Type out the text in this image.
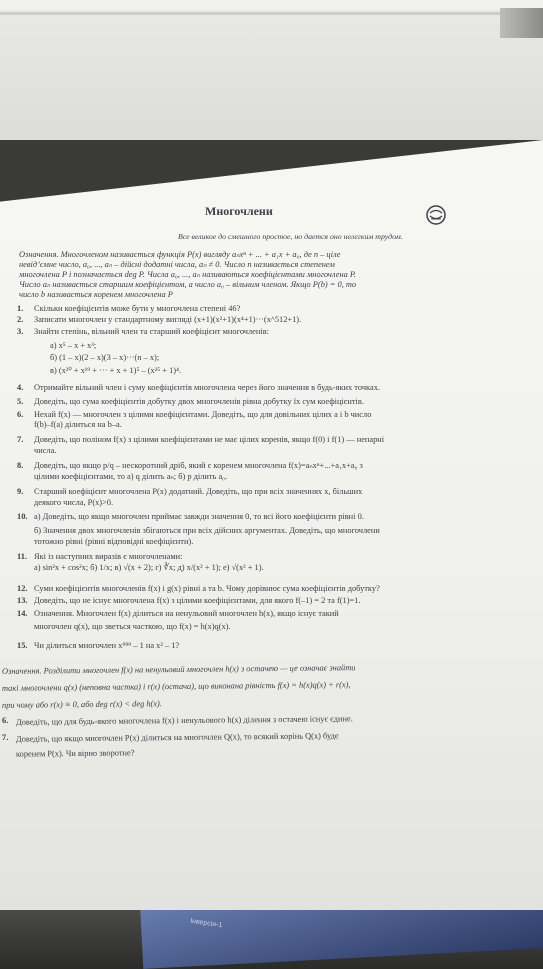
Інверсія-1
Многочлени
Все великое до смешного простое, но дается оно нелегким трудом.
Означення. Многочленом називається функція P(x) вигляду aₙxⁿ + ... + a₁x + a₀, де n – ціле
невід’ємне число, a₀, ..., aₙ – дійсні додатні числа, aₙ ≠ 0. Число n називається степенем
многочлена P і позначається deg P. Числа a₀, ..., aₙ називаються коефіцієнтами многочлена P.
Число aₙ називається старшим коефіцієнтом, а число a₀ – вільним членом. Якщо P(b) = 0, то
число b називається коренем многочлена P
1. Скільки коефіцієнтів може бути у многочлена степені 46?
2. Записати многочлен у стандартному вигляді (x+1)(x²+1)(x⁴+1)···(x^512+1).
3. Знайти степінь, вільний член та старший коефіцієнт многочленів:
а) x⁵ – x + x³;
б) (1 – x)(2 – x)(3 – x)···(n – x);
в) (x²⁰ + x¹⁹ + ··· + x + 1)⁵ – (x²⁵ + 1)⁴.
4. Отримайте вільний член і суму коефіцієнтів многочлена через його значення в будь-яких точках.
5. Доведіть, що сума коефіцієнтів добутку двох многочленів рівна добутку їх сум коефіцієнтів.
6. Нехай f(x) — многочлен з цілими коефіцієнтами. Доведіть, що для довільних цілих a і b число
f(b)–f(a) ділиться на b–a.
7. Доведіть, що поліном f(x) з цілими коефіцієнтами не має цілих коренів, якщо f(0) і f(1) — непарні
числа.
8. Доведіть, що якщо p/q – нескоротний дріб, який є коренем многочлена f(x)=aₙxⁿ+...+a₁x+a₀ з
цілими коефіцієнтами, то а) q ділить aₙ; б) p ділить a₀.
9. Старший коефіцієнт многочлена P(x) додатний. Доведіть, що при всіх значеннях x, більших
деякого числа, P(x)>0.
10. а) Доведіть, що якщо многочлен приймає завжди значення 0, то всі його коефіцієнти рівні 0.
б) Значення двох многочленів збігаються при всіх дійсних аргументах. Доведіть, що многочлени
тотожно рівні (рівні відповідні коефіцієнти).
11. Які із наступних виразів є многочленами:
а) sin²x + cos²x; б) 1/x; в) √(x + 2); г) ∛x; д) x/(x² + 1); е) √(x² + 1).
12. Суми коефіцієнтів многочленів f(x) і g(x) рівні a та b. Чому дорівнює сума коефіцієнтів добутку?
13. Доведіть, що не існує многочлена f(x) з цілими коефіцієнтами, для якого f(–1) = 2 та f(1)=1.
14. Означення. Многочлен f(x) ділиться на ненульовий многочлен h(x), якщо існує такий
многочлен q(x), що зветься часткою, що f(x) = h(x)q(x).
15. Чи ділиться многочлен x⁹⁹⁹ – 1 на x² – 1?
Означення. Розділити многочлен f(x) на ненульовий многочлен h(x) з остачею — це означає знайти
такі многочлени q(x) (неповна частка) і r(x) (остача), що виконана рівність f(x) = h(x)q(x) + r(x),
при чому або r(x) ≡ 0, або deg r(x) < deg h(x).
6. Доведіть, що для будь-якого многочлена f(x) і ненульового h(x) ділення з остачею існує єдине.
7. Доведіть, що якщо многочлен P(x) ділиться на многочлен Q(x), то всякий корінь Q(x) буде
коренем P(x). Чи вірно зворотне?
